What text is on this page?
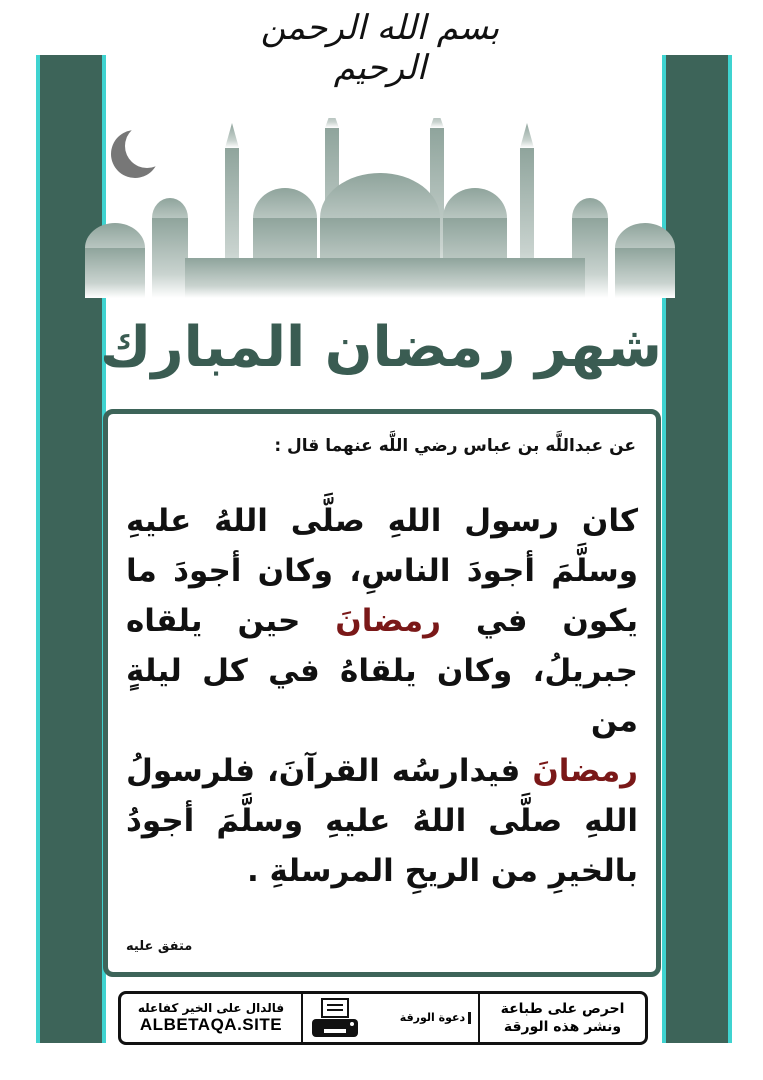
بسم الله الرحمن الرحيم
شهر رمضان المبارك
عن عبداللَّه بن عباس رضي اللَّه عنهما قال :
كان رسول اللهِ صلَّى اللهُ عليهِ
وسلَّمَ أجودَ الناسِ، وكان أجودَ ما
يكون في رمضانَ حين يلقاه
جبريلُ، وكان يلقاهُ في كل ليلةٍ من
رمضانَ فيدارسُه القرآنَ، فلرسولُ
اللهِ صلَّى اللهُ عليهِ وسلَّمَ أجودُ
بالخيرِ من الريحِ المرسلةِ .
متفق عليه
فالدال على الخير كفاعله
ALBETAQA.SITE	دعوة الورقة
احرص على طباعة
ونشر هذه الورقة
